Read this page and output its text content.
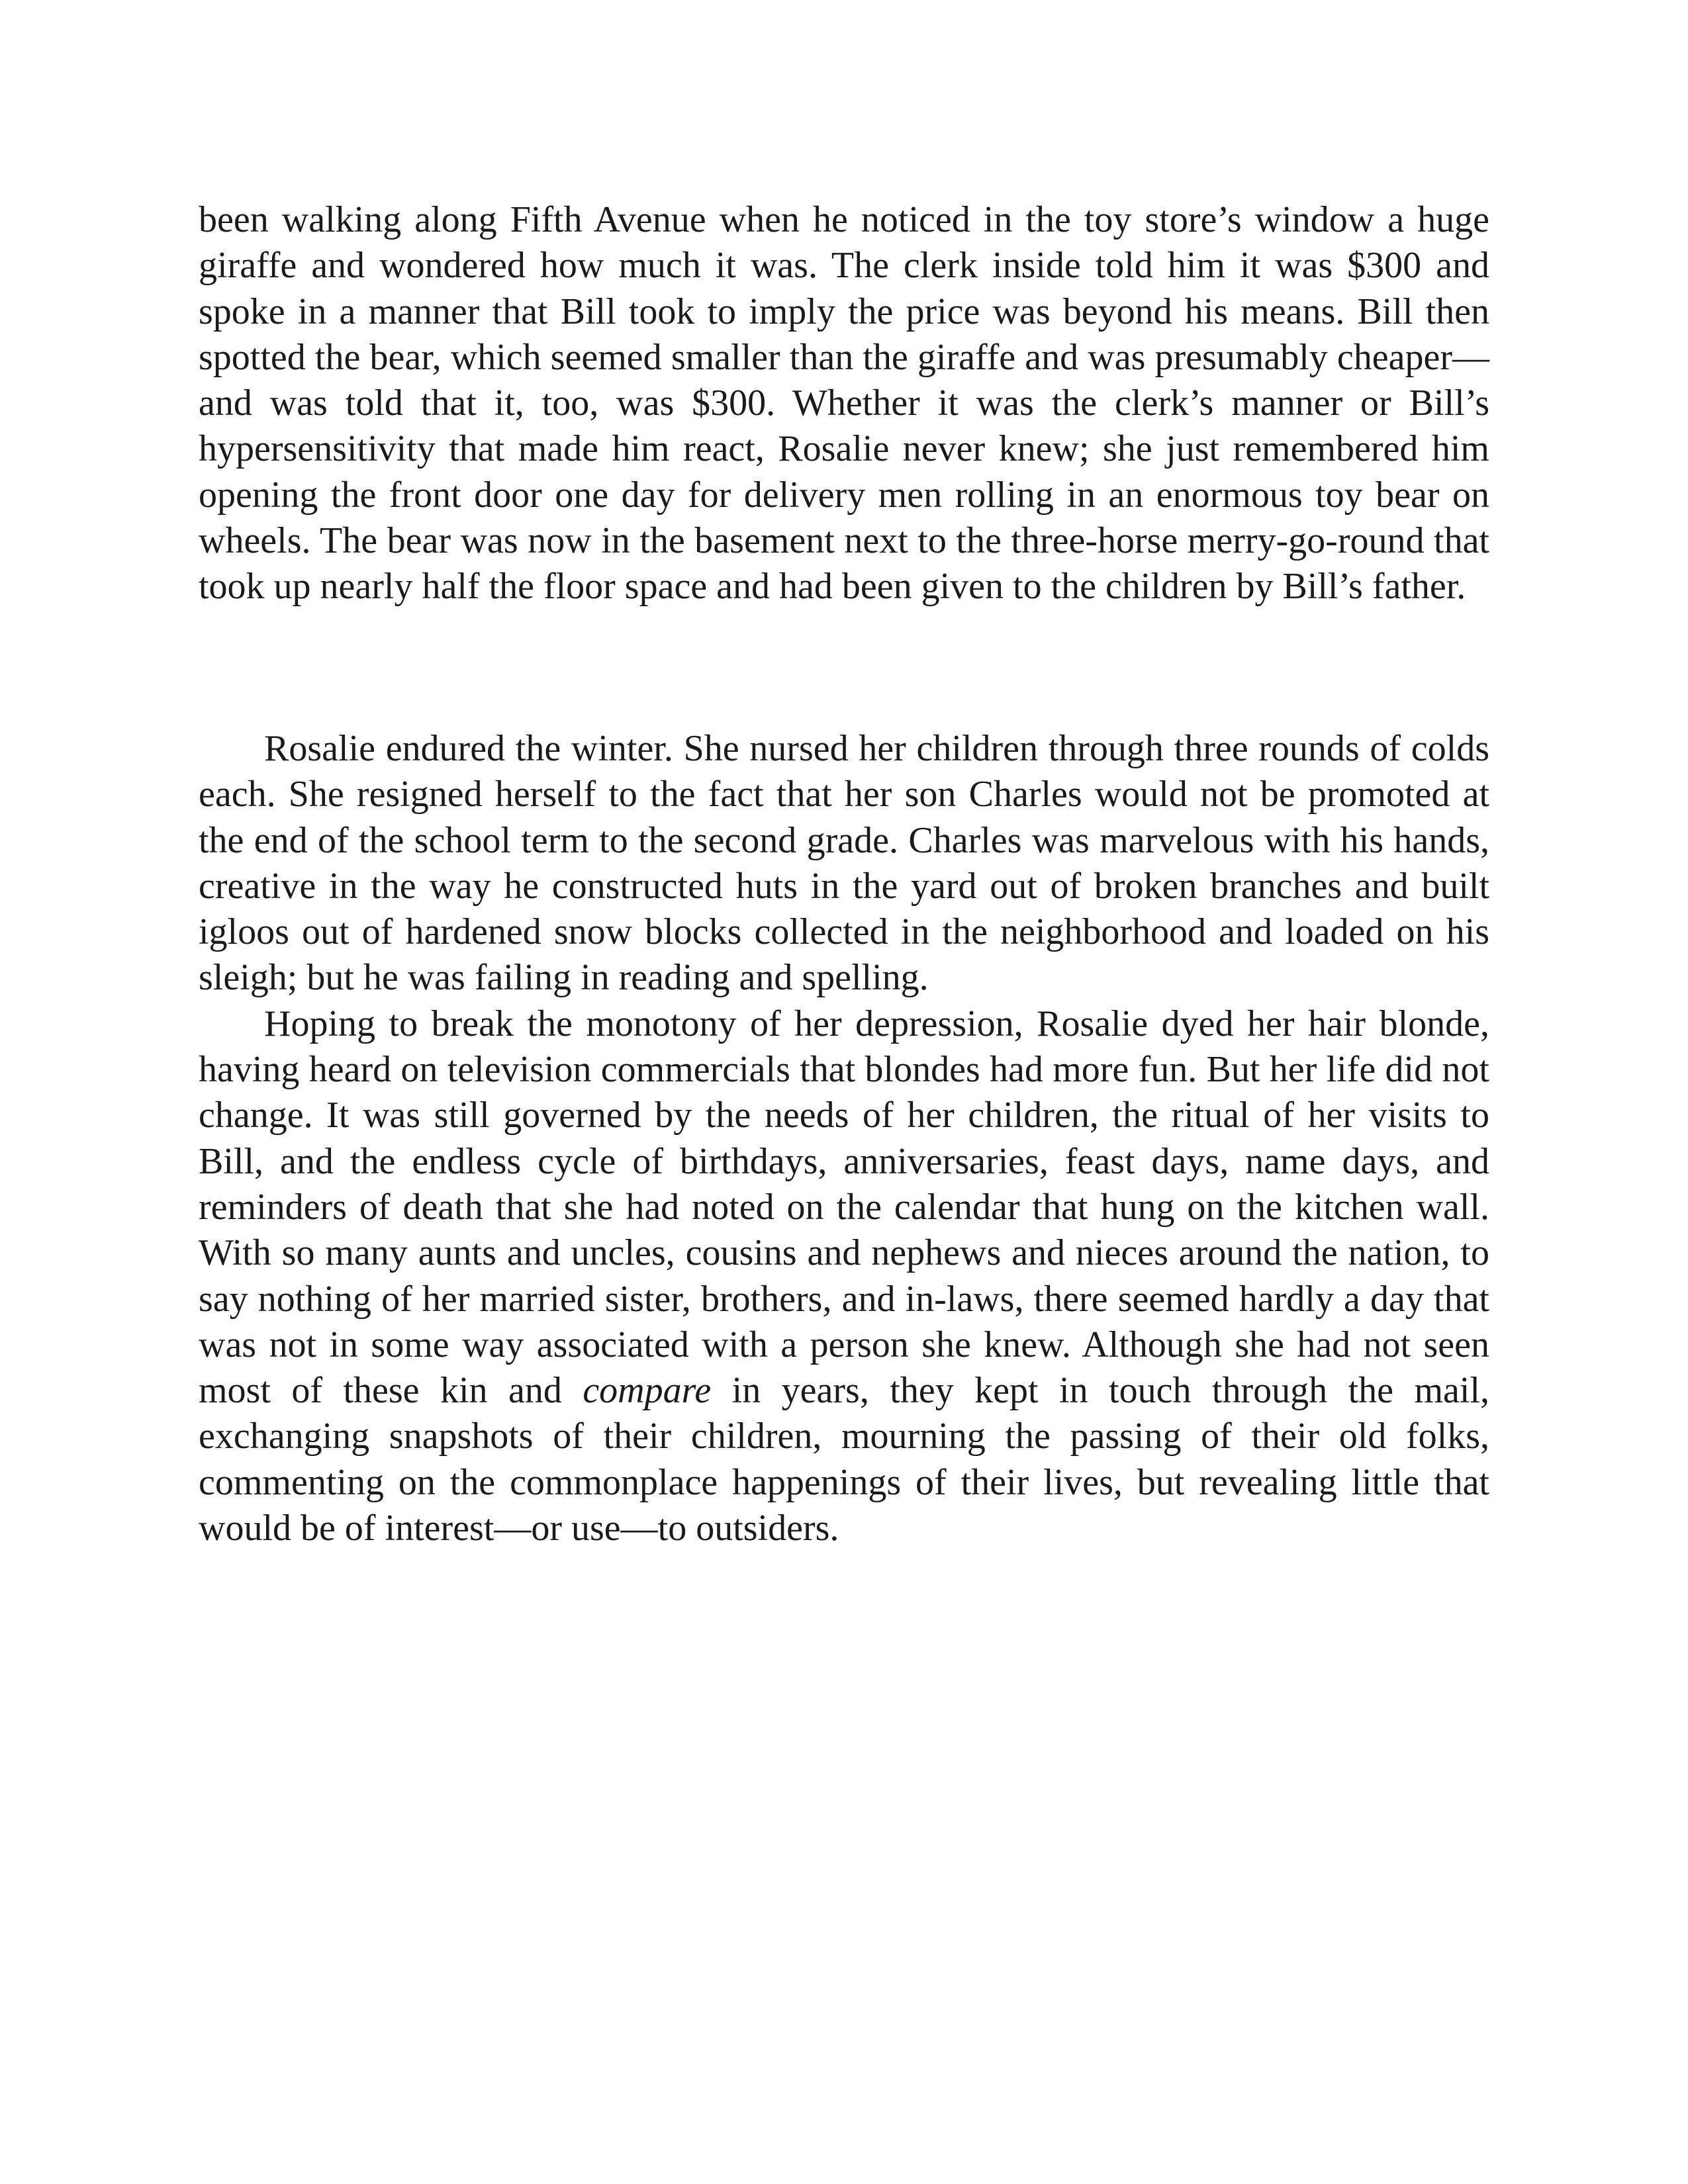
been walking along Fifth Avenue when he noticed in the toy store’s window a huge giraffe and wondered how much it was. The clerk inside told him it was $300 and spoke in a manner that Bill took to imply the price was beyond his means. Bill then spotted the bear, which seemed smaller than the giraffe and was presumably cheaper—and was told that it, too, was $300. Whether it was the clerk’s manner or Bill’s hypersensitivity that made him react, Rosalie never knew; she just remembered him opening the front door one day for delivery men rolling in an enormous toy bear on wheels. The bear was now in the basement next to the three-horse merry-go-round that took up nearly half the floor space and had been given to the children by Bill’s father.

Rosalie endured the winter. She nursed her children through three rounds of colds each. She resigned herself to the fact that her son Charles would not be promoted at the end of the school term to the second grade. Charles was marvelous with his hands, creative in the way he constructed huts in the yard out of broken branches and built igloos out of hardened snow blocks collected in the neighborhood and loaded on his sleigh; but he was failing in reading and spelling.

Hoping to break the monotony of her depression, Rosalie dyed her hair blonde, having heard on television commercials that blondes had more fun. But her life did not change. It was still governed by the needs of her children, the ritual of her visits to Bill, and the endless cycle of birthdays, anniversaries, feast days, name days, and reminders of death that she had noted on the calendar that hung on the kitchen wall. With so many aunts and uncles, cousins and nephews and nieces around the nation, to say nothing of her married sister, brothers, and in-laws, there seemed hardly a day that was not in some way associated with a person she knew. Although she had not seen most of these kin and compare in years, they kept in touch through the mail, exchanging snapshots of their children, mourning the passing of their old folks, commenting on the commonplace happenings of their lives, but revealing little that would be of interest—or use—to outsiders.
